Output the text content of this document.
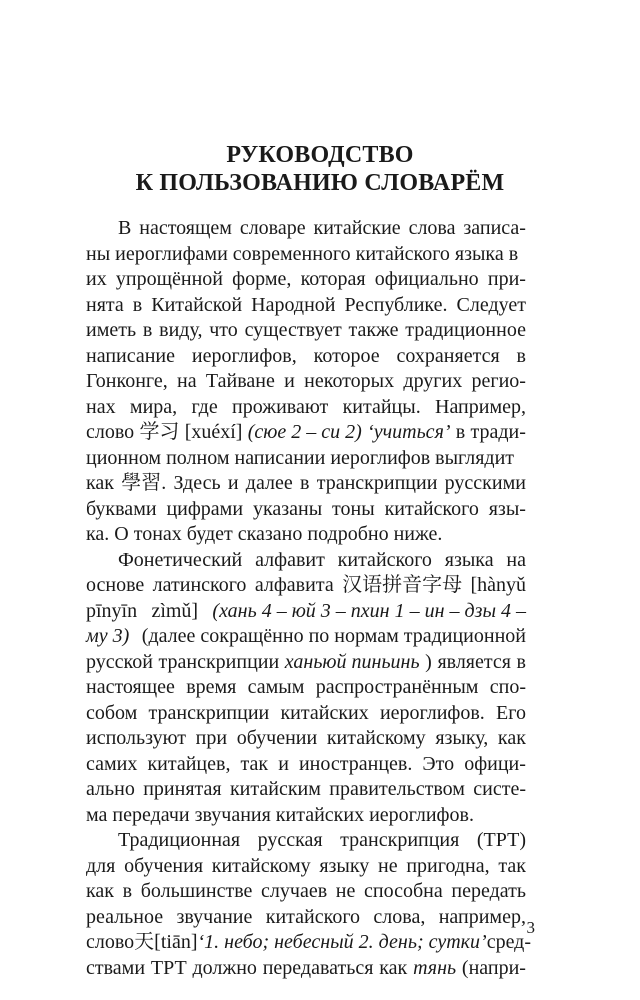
РУКОВОДСТВО
К ПОЛЬЗОВАНИЮ СЛОВАРЁМ
В настоящем словаре китайские слова записа-
ны иероглифами современного китайского языка в
их упрощённой форме, которая официально при-
нята в Китайской Народной Республике. Следует
иметь в виду, что существует также традиционное
написание иероглифов, которое сохраняется в
Гонконге, на Тайване и некоторых других регио-
нах мира, где проживают китайцы. Например,
слово 学习 [xuéxí] (сюе 2 – си 2) ‘учиться’ в тради-
ционном полном написании иероглифов выглядит
как 學習. Здесь и далее в транскрипции русскими
буквами цифрами указаны тоны китайского язы-
ка. О тонах будет сказано подробно ниже.
Фонетический алфавит китайского языка на
основе латинского алфавита 汉语拼音字母 [hànyǔ
pīnyīn zìmǔ] (хань 4 – юй 3 – пхин 1 – ин – дзы 4 –
му 3) (далее сокращённо по нормам традиционной
русской транскрипции ханьюй пиньинь ) является в
настоящее время самым распространённым спо-
собом транскрипции китайских иероглифов. Его
используют при обучении китайскому языку, как
самих китайцев, так и иностранцев. Это офици-
ально принятая китайским правительством систе-
ма передачи звучания китайских иероглифов.
Традиционная русская транскрипция (ТРТ)
для обучения китайскому языку не пригодна, так
как в большинстве случаев не способна передать
реальное звучание китайского слова, например,
слово 天 [tiān] ‘1. небо; небесный 2. день; сутки’ сред-
ствами ТРТ должно передаваться как тянь (напри-
3
